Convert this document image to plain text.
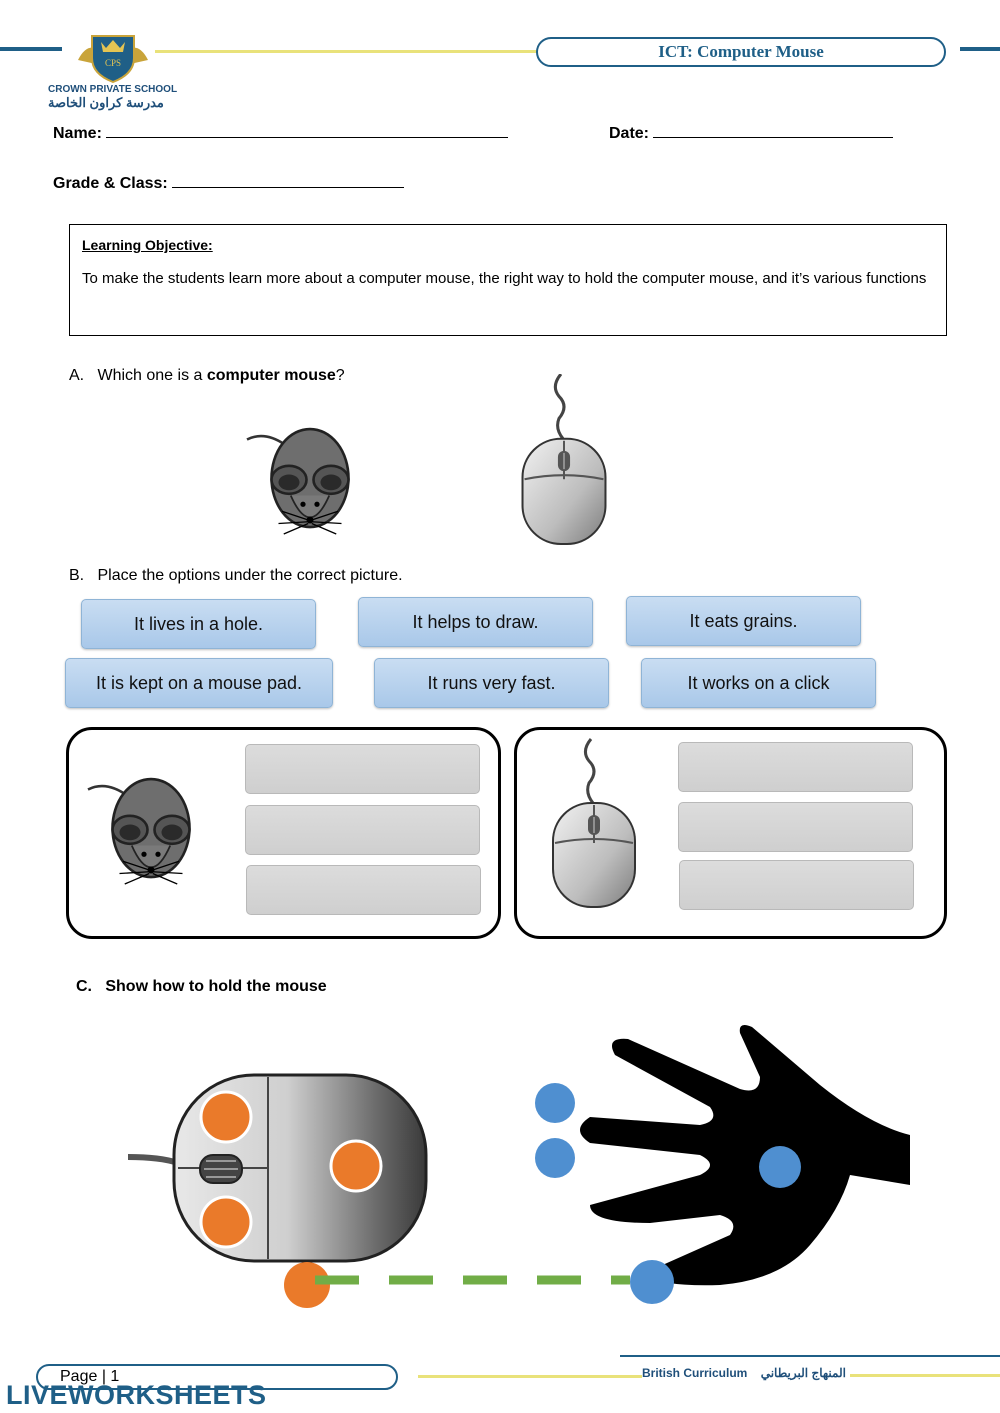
ICT: Computer Mouse
CPS
CROWN PRIVATE SCHOOL
مدرسة كراون الخاصة
Name:	Date:
Grade & Class:
Learning Objective:
To make the students learn more about a computer mouse, the right way to hold the computer mouse, and it’s various functions
A. Which one is a computer mouse?
B. Place the options under the correct picture.
It lives in a hole.	It helps to draw.	It eats grains.
It is kept on a mouse pad.	It runs very fast.	It works on a click
C. Show how to hold the mouse
Page | 1	British Curriculum المنهاج البريطاني
LIVEWORKSHEETS
